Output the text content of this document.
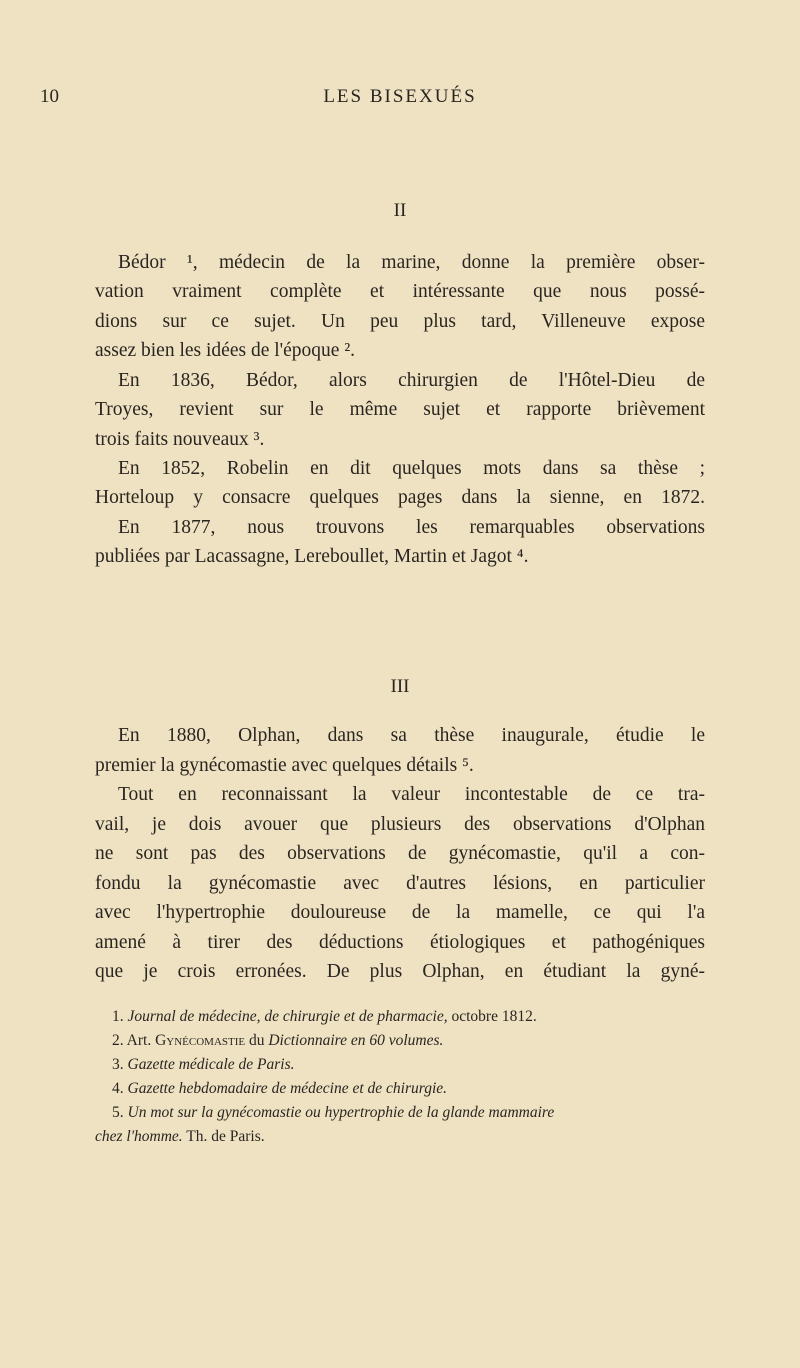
10	LES BISEXUÉS
II
Bédor ¹, médecin de la marine, donne la première obser-
vation vraiment complète et intéressante que nous possé-
dions sur ce sujet. Un peu plus tard, Villeneuve expose
assez bien les idées de l'époque ².
En 1836, Bédor, alors chirurgien de l'Hôtel-Dieu de
Troyes, revient sur le même sujet et rapporte brièvement
trois faits nouveaux ³.
En 1852, Robelin en dit quelques mots dans sa thèse ;
Horteloup y consacre quelques pages dans la sienne, en 1872.
En 1877, nous trouvons les remarquables observations
publiées par Lacassagne, Lereboullet, Martin et Jagot ⁴.
III
En 1880, Olphan, dans sa thèse inaugurale, étudie le
premier la gynécomastie avec quelques détails ⁵.
Tout en reconnaissant la valeur incontestable de ce tra-
vail, je dois avouer que plusieurs des observations d'Olphan
ne sont pas des observations de gynécomastie, qu'il a con-
fondu la gynécomastie avec d'autres lésions, en particulier
avec l'hypertrophie douloureuse de la mamelle, ce qui l'a
amené à tirer des déductions étiologiques et pathogéniques
que je crois erronées. De plus Olphan, en étudiant la gyné-
1. Journal de médecine, de chirurgie et de pharmacie, octobre 1812.
2. Art. Gynécomastie du Dictionnaire en 60 volumes.
3. Gazette médicale de Paris.
4. Gazette hebdomadaire de médecine et de chirurgie.
5. Un mot sur la gynécomastie ou hypertrophie de la glande mammaire
chez l'homme. Th. de Paris.
